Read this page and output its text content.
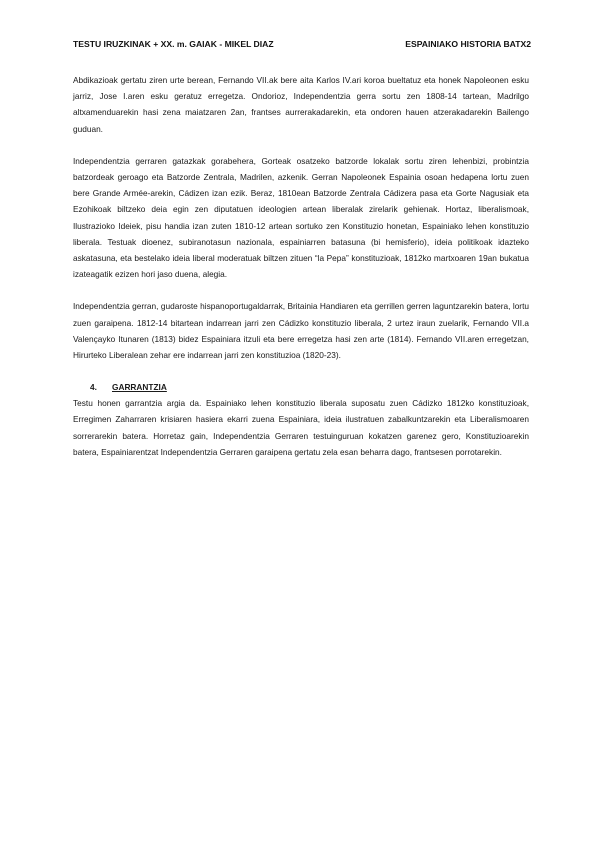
TESTU IRUZKINAK + XX. m. GAIAK - MIKEL DIAZ	ESPAINIAKO HISTORIA BATX2

Abdikazioak gertatu ziren urte berean, Fernando VII.ak bere aita Karlos IV.ari koroa bueltatuz eta honek Napoleonen esku jarriz, Jose I.aren esku geratuz erregetza. Ondorioz, Independentzia gerra sortu zen 1808-14 tartean, Madrilgo altxamenduarekin hasi zena maiatzaren 2an, frantses aurrerakadarekin, eta ondoren hauen atzerakadarekin Bailengo guduan.

Independentzia gerraren gatazkak gorabehera, Gorteak osatzeko batzorde lokalak sortu ziren lehenbizi, probintzia batzordeak geroago eta Batzorde Zentrala, Madrilen, azkenik. Gerran Napoleonek Espainia osoan hedapena lortu zuen bere Grande Armée-arekin, Cádizen izan ezik. Beraz, 1810ean Batzorde Zentrala Cádizera pasa eta Gorte Nagusiak eta Ezohikoak biltzeko deia egin zen diputatuen ideologien artean liberalak zirelarik gehienak. Hortaz, liberalismoak, Ilustrazioko Ideiek, pisu handia izan zuten 1810-12 artean sortuko zen Konstituzio honetan, Espainiako lehen konstituzio liberala. Testuak dioenez, subiranotasun nazionala, espainiarren batasuna (bi hemisferio), ideia politikoak idazteko askatasuna, eta bestelako ideia liberal moderatuak biltzen zituen “la Pepa” konstituzioak, 1812ko martxoaren 19an bukatua izateagatik ezizen hori jaso duena, alegia.

Independentzia gerran, gudaroste hispanoportugaldarrak, Britainia Handiaren eta gerrillen gerren laguntzarekin batera, lortu zuen garaipena. 1812-14 bitartean indarrean jarri zen Cádizko konstituzio liberala, 2 urtez iraun zuelarik, Fernando VII.a Valençayko Itunaren (1813) bidez Espainiara itzuli eta bere erregetza hasi zen arte (1814). Fernando VII.aren erregetzan, Hirurteko Liberalean zehar ere indarrean jarri zen konstituzioa (1820-23).

4.	GARRANTZIA

Testu honen garrantzia argia da. Espainiako lehen konstituzio liberala suposatu zuen Cádizko 1812ko konstituzioak, Erregimen Zaharraren krisiaren hasiera ekarri zuena Espainiara, ideia ilustratuen zabalkuntzarekin eta Liberalismoaren sorrerarekin batera. Horretaz gain, Independentzia Gerraren testuinguruan kokatzen garenez gero, Konstituzioarekin batera, Espainiarentzat Independentzia Gerraren garaipena gertatu zela esan beharra dago, frantsesen porrotarekin.
